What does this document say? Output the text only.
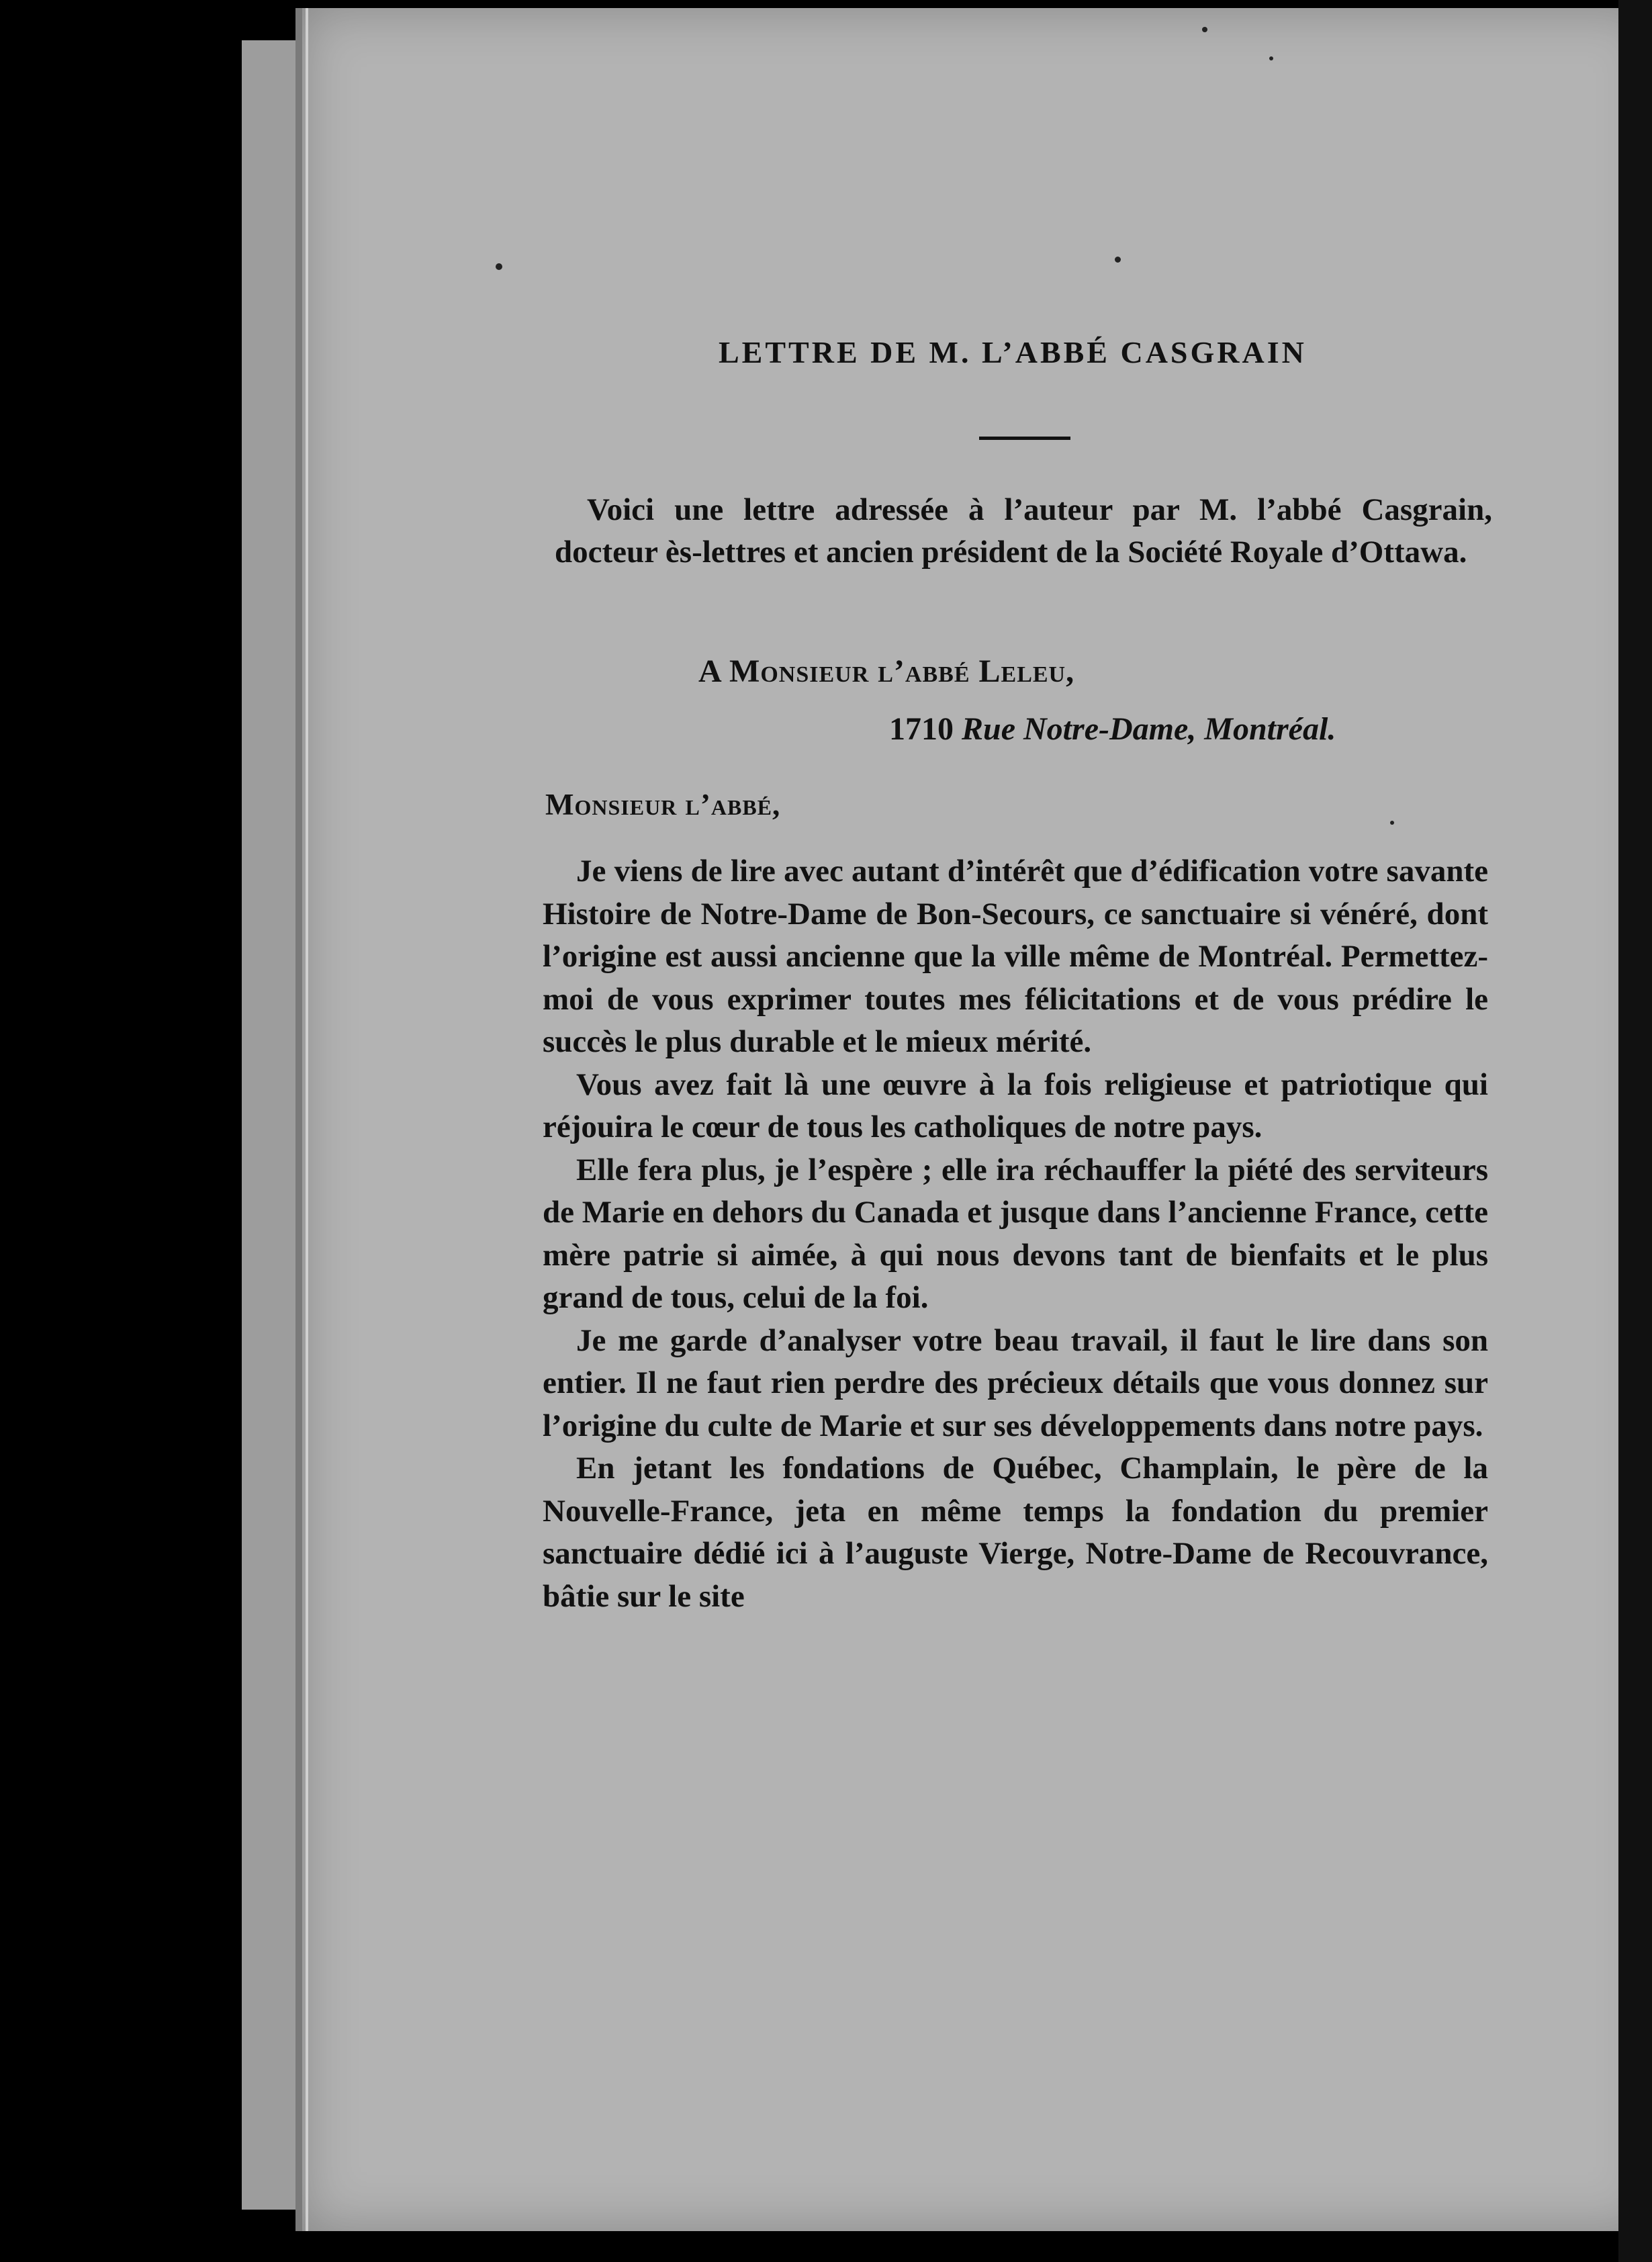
LETTRE DE M. L’ABBÉ CASGRAIN
Voici une lettre adressée à l’auteur par M. l’abbé Casgrain, docteur ès-lettres et ancien président de la Société Royale d’Ottawa.
A Monsieur l’abbé Leleu,
1710 Rue Notre-Dame, Montréal.
Monsieur l’abbé,

Je viens de lire avec autant d’intérêt que d’édification votre savante Histoire de Notre-Dame de Bon-Secours, ce sanctuaire si vénéré, dont l’origine est aussi ancienne que la ville même de Montréal. Permettez-moi de vous exprimer toutes mes félicitations et de vous prédire le succès le plus durable et le mieux mérité.

Vous avez fait là une œuvre à la fois religieuse et patriotique qui réjouira le cœur de tous les catholiques de notre pays.

Elle fera plus, je l’espère ; elle ira réchauffer la piété des serviteurs de Marie en dehors du Canada et jusque dans l’ancienne France, cette mère patrie si aimée, à qui nous devons tant de bienfaits et le plus grand de tous, celui de la foi.

Je me garde d’analyser votre beau travail, il faut le lire dans son entier. Il ne faut rien perdre des précieux détails que vous donnez sur l’origine du culte de Marie et sur ses développements dans notre pays.

En jetant les fondations de Québec, Champlain, le père de la Nouvelle-France, jeta en même temps la fondation du premier sanctuaire dédié ici à l’auguste Vierge, Notre-Dame de Recouvrance, bâtie sur le site
